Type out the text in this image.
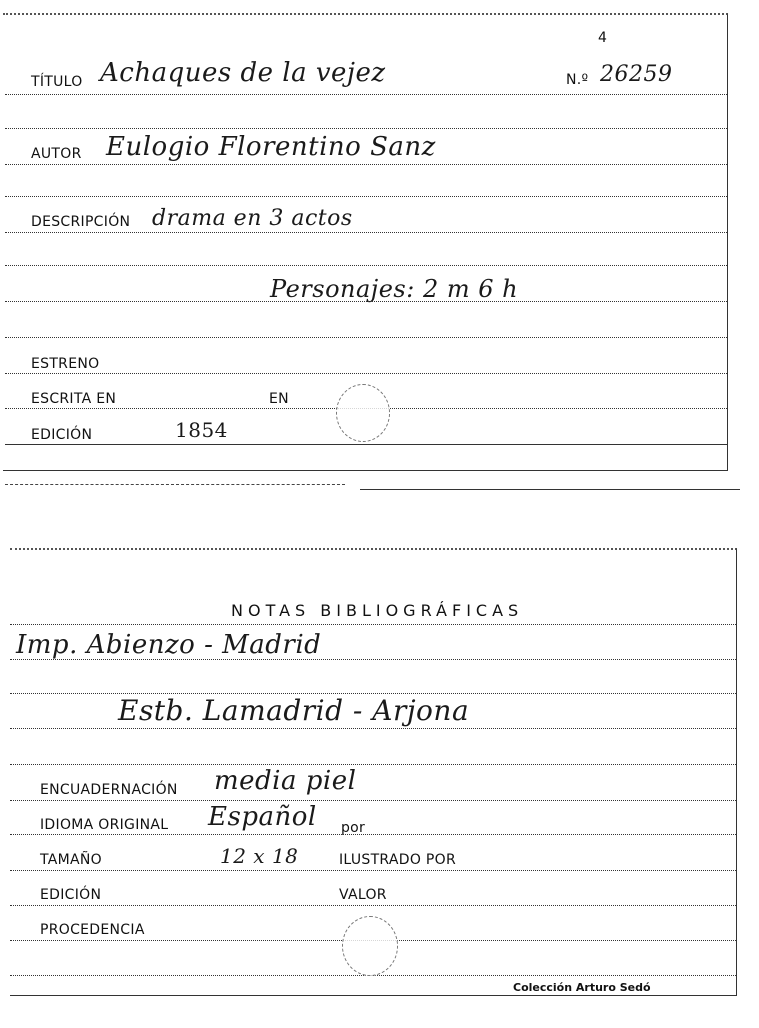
4
TÍTULO Achaques de la vejez	N.º 26259
AUTOR Eulogio Florentino Sanz
DESCRIPCIÓN drama en 3 actos
Personajes: 2 m 6 h
ESTRENO
ESCRITA EN	EN
EDICIÓN	1854
NOTAS BIBLIOGRÁFICAS
Imp. Abienzo - Madrid
Estb. Lamadrid - Arjona
ENCUADERNACIÓN media piel
IDIOMA ORIGINAL Español por
TAMAÑO	12 x 18	ILUSTRADO POR
EDICIÓN	VALOR
PROCEDENCIA
Colección Arturo Sedó
